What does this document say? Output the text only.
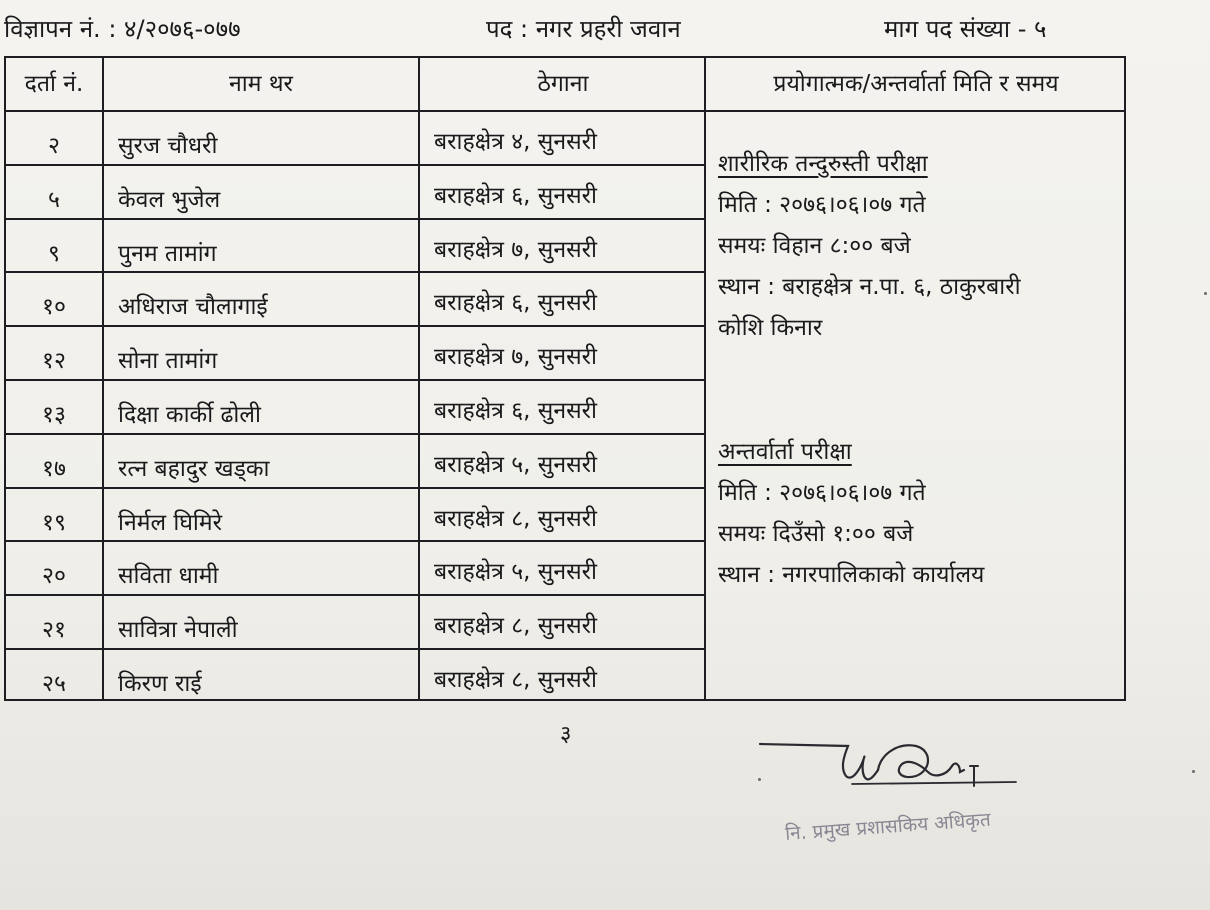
विज्ञापन नं. : ४/२०७६-०७७	पद : नगर प्रहरी जवान	माग पद संख्या - ५
दर्ता नं.	नाम थर	ठेगाना	प्रयोगात्मक/अन्तर्वार्ता मिति र समय
२	सुरज चौधरी	बराहक्षेत्र ४, सुनसरी
५	केवल भुजेल	बराहक्षेत्र ६, सुनसरी
९	पुनम तामांग	बराहक्षेत्र ७, सुनसरी
१०	अधिराज चौलागाई	बराहक्षेत्र ६, सुनसरी
१२	सोना तामांग	बराहक्षेत्र ७, सुनसरी
१३	दिक्षा कार्की ढोली	बराहक्षेत्र ६, सुनसरी
१७	रत्न बहादुर खड्का	बराहक्षेत्र ५, सुनसरी
१९	निर्मल घिमिरे	बराहक्षेत्र ८, सुनसरी
२०	सविता धामी	बराहक्षेत्र ५, सुनसरी
२१	सावित्रा नेपाली	बराहक्षेत्र ८, सुनसरी
२५	किरण राई	बराहक्षेत्र ८, सुनसरी
शारीरिक तन्दुरुस्ती परीक्षा
मिति : २०७६।०६।०७ गते
समयः विहान ८:०० बजे
स्थान : बराहक्षेत्र न.पा. ६, ठाकुरबारी
कोशि किनार
अन्तर्वार्ता परीक्षा
मिति : २०७६।०६।०७ गते
समयः दिउँसो १:०० बजे
स्थान : नगरपालिकाको कार्यालय
३
नि. प्रमुख प्रशासकिय अधिकृत
